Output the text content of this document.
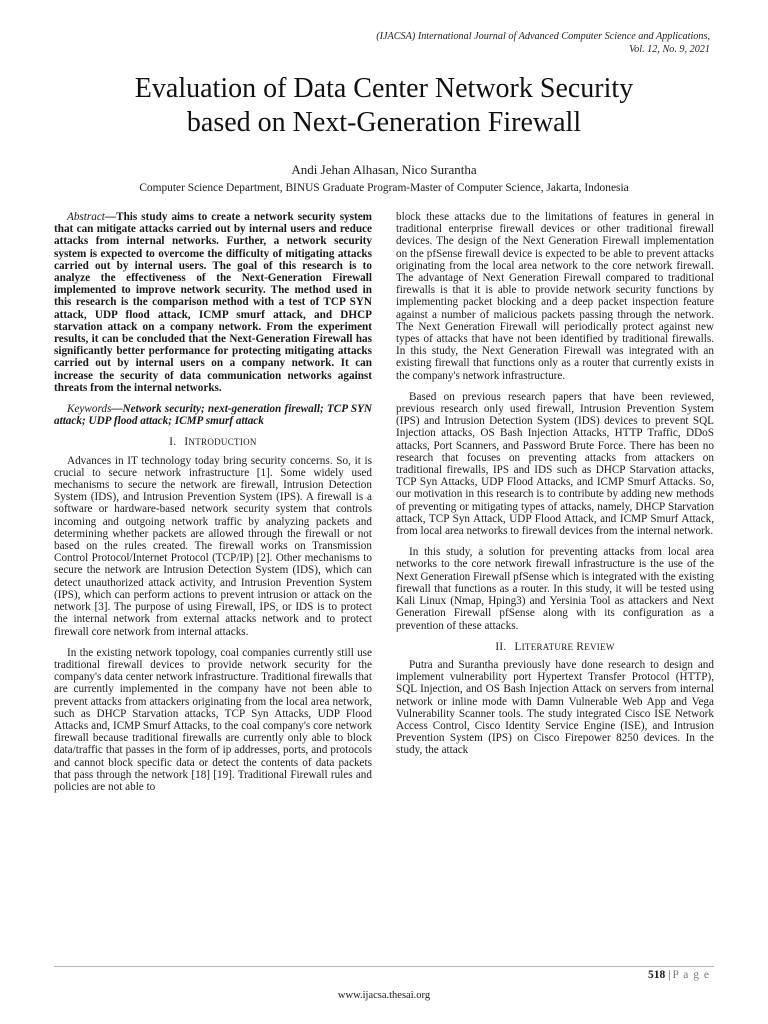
(IJACSA) International Journal of Advanced Computer Science and Applications,
Vol. 12, No. 9, 2021
Evaluation of Data Center Network Security
based on Next-Generation Firewall
Andi Jehan Alhasan, Nico Surantha
Computer Science Department, BINUS Graduate Program-Master of Computer Science, Jakarta, Indonesia

Abstract—This study aims to create a network security system that can mitigate attacks carried out by internal users and reduce attacks from internal networks. Further, a network security system is expected to overcome the difficulty of mitigating attacks carried out by internal users. The goal of this research is to analyze the effectiveness of the Next-Generation Firewall implemented to improve network security. The method used in this research is the comparison method with a test of TCP SYN attack, UDP flood attack, ICMP smurf attack, and DHCP starvation attack on a company network. From the experiment results, it can be concluded that the Next-Generation Firewall has significantly better performance for protecting mitigating attacks carried out by internal users on a company network. It can increase the security of data communication networks against threats from the internal networks.

Keywords—Network security; next-generation firewall; TCP SYN attack; UDP flood attack; ICMP smurf attack

I. INTRODUCTION

Advances in IT technology today bring security concerns. So, it is crucial to secure network infrastructure [1]. Some widely used mechanisms to secure the network are firewall, Intrusion Detection System (IDS), and Intrusion Prevention System (IPS). A firewall is a software or hardware-based network security system that controls incoming and outgoing network traffic by analyzing packets and determining whether packets are allowed through the firewall or not based on the rules created. The firewall works on Transmission Control Protocol/Internet Protocol (TCP/IP) [2]. Other mechanisms to secure the network are Intrusion Detection System (IDS), which can detect unauthorized attack activity, and Intrusion Prevention System (IPS), which can perform actions to prevent intrusion or attack on the network [3]. The purpose of using Firewall, IPS, or IDS is to protect the internal network from external attacks network and to protect firewall core network from internal attacks.

In the existing network topology, coal companies currently still use traditional firewall devices to provide network security for the company's data center network infrastructure. Traditional firewalls that are currently implemented in the company have not been able to prevent attacks from attackers originating from the local area network, such as DHCP Starvation attacks, TCP Syn Attacks, UDP Flood Attacks and, ICMP Smurf Attacks, to the coal company's core network firewall because traditional firewalls are currently only able to block data/traffic that passes in the form of ip addresses, ports, and protocols and cannot block specific data or detect the contents of data packets that pass through the network [18] [19]. Traditional Firewall rules and policies are not able to

block these attacks due to the limitations of features in general in traditional enterprise firewall devices or other traditional firewall devices. The design of the Next Generation Firewall implementation on the pfSense firewall device is expected to be able to prevent attacks originating from the local area network to the core network firewall. The advantage of Next Generation Firewall compared to traditional firewalls is that it is able to provide network security functions by implementing packet blocking and a deep packet inspection feature against a number of malicious packets passing through the network. The Next Generation Firewall will periodically protect against new types of attacks that have not been identified by traditional firewalls. In this study, the Next Generation Firewall was integrated with an existing firewall that functions only as a router that currently exists in the company's network infrastructure.

Based on previous research papers that have been reviewed, previous research only used firewall, Intrusion Prevention System (IPS) and Intrusion Detection System (IDS) devices to prevent SQL Injection attacks, OS Bash Injection Attacks, HTTP Traffic, DDoS attacks, Port Scanners, and Password Brute Force. There has been no research that focuses on preventing attacks from attackers on traditional firewalls, IPS and IDS such as DHCP Starvation attacks, TCP Syn Attacks, UDP Flood Attacks, and ICMP Smurf Attacks. So, our motivation in this research is to contribute by adding new methods of preventing or mitigating types of attacks, namely, DHCP Starvation attack, TCP Syn Attack, UDP Flood Attack, and ICMP Smurf Attack, from local area networks to firewall devices from the internal network.

In this study, a solution for preventing attacks from local area networks to the core network firewall infrastructure is the use of the Next Generation Firewall pfSense which is integrated with the existing firewall that functions as a router. In this study, it will be tested using Kali Linux (Nmap, Hping3) and Yersinia Tool as attackers and Next Generation Firewall pfSense along with its configuration as a prevention of these attacks.

II. LITERATURE REVIEW

Putra and Surantha previously have done research to design and implement vulnerability port Hypertext Transfer Protocol (HTTP), SQL Injection, and OS Bash Injection Attack on servers from internal network or inline mode with Damn Vulnerable Web App and Vega Vulnerability Scanner tools. The study integrated Cisco ISE Network Access Control, Cisco Identity Service Engine (ISE), and Intrusion Prevention System (IPS) on Cisco Firepower 8250 devices. In the study, the attack

518 | P a g e
www.ijacsa.thesai.org
